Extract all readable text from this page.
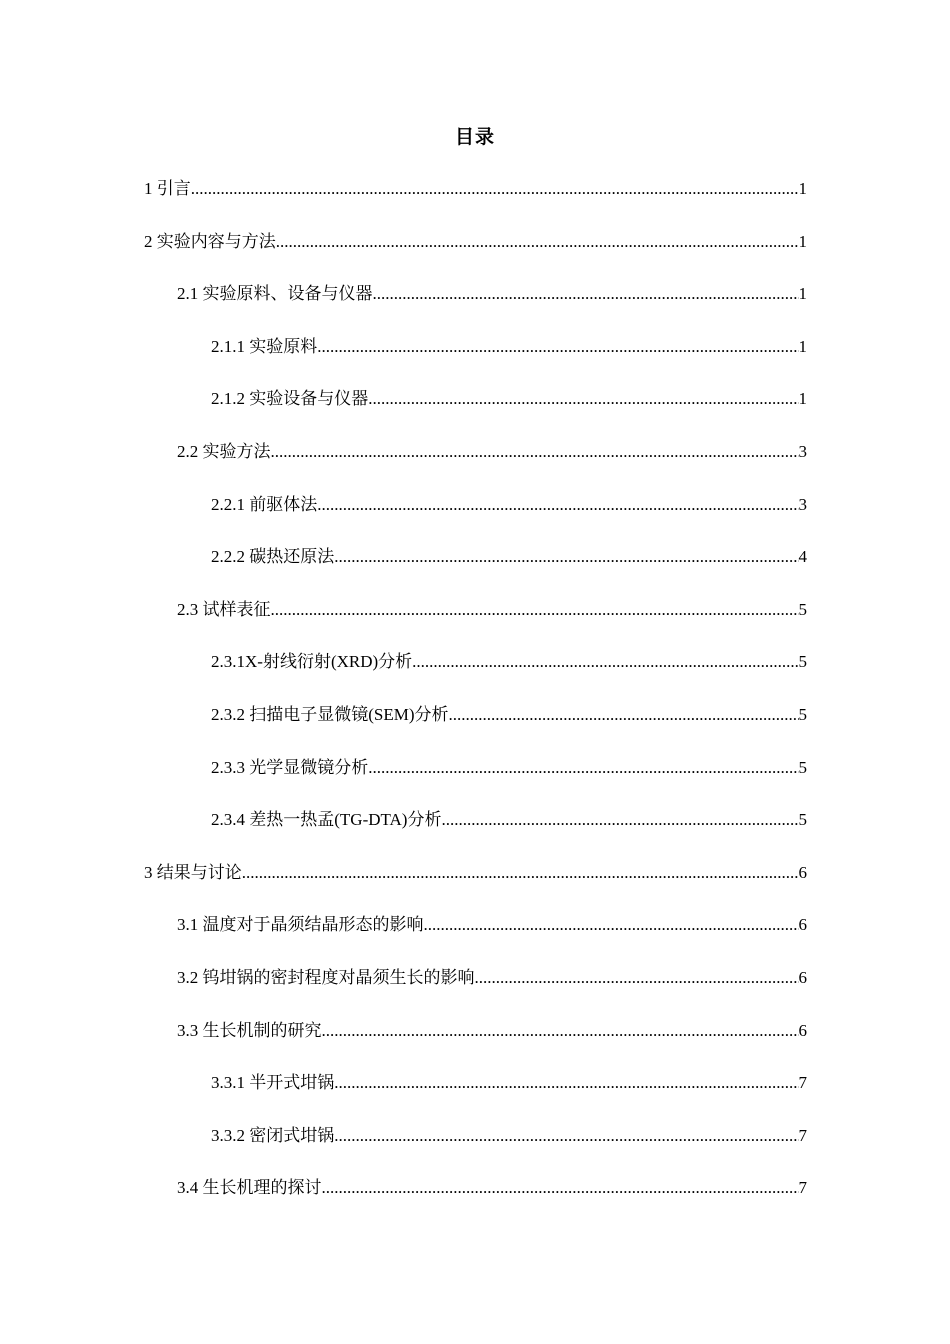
目录
1 引言 .....	1
2 实验内容与方法 .....	1
2.1 实验原料、设备与仪器 .....	1
2.1.1 实验原料 .....	1
2.1.2 实验设备与仪器 .....	1
2.2 实验方法 .....	3
2.2.1 前驱体法 .....	3
2.2.2 碳热还原法 .....	4
2.3 试样表征 .....	5
2.3.1X-射线衍射(XRD)分析 .....	5
2.3.2 扫描电子显微镜(SEM)分析 .....	5
2.3.3 光学显微镜分析 .....	5
2.3.4 差热一热孟(TG-DTA)分析 .....	5
3 结果与讨论 .....	6
3.1 温度对于晶须结晶形态的影响 .....	6
3.2 钨坩锅的密封程度对晶须生长的影响 .....	6
3.3 生长机制的研究 .....	6
3.3.1 半开式坩锅 .....	7
3.3.2 密闭式坩锅 .....	7
3.4 生长机理的探讨 .....	7
